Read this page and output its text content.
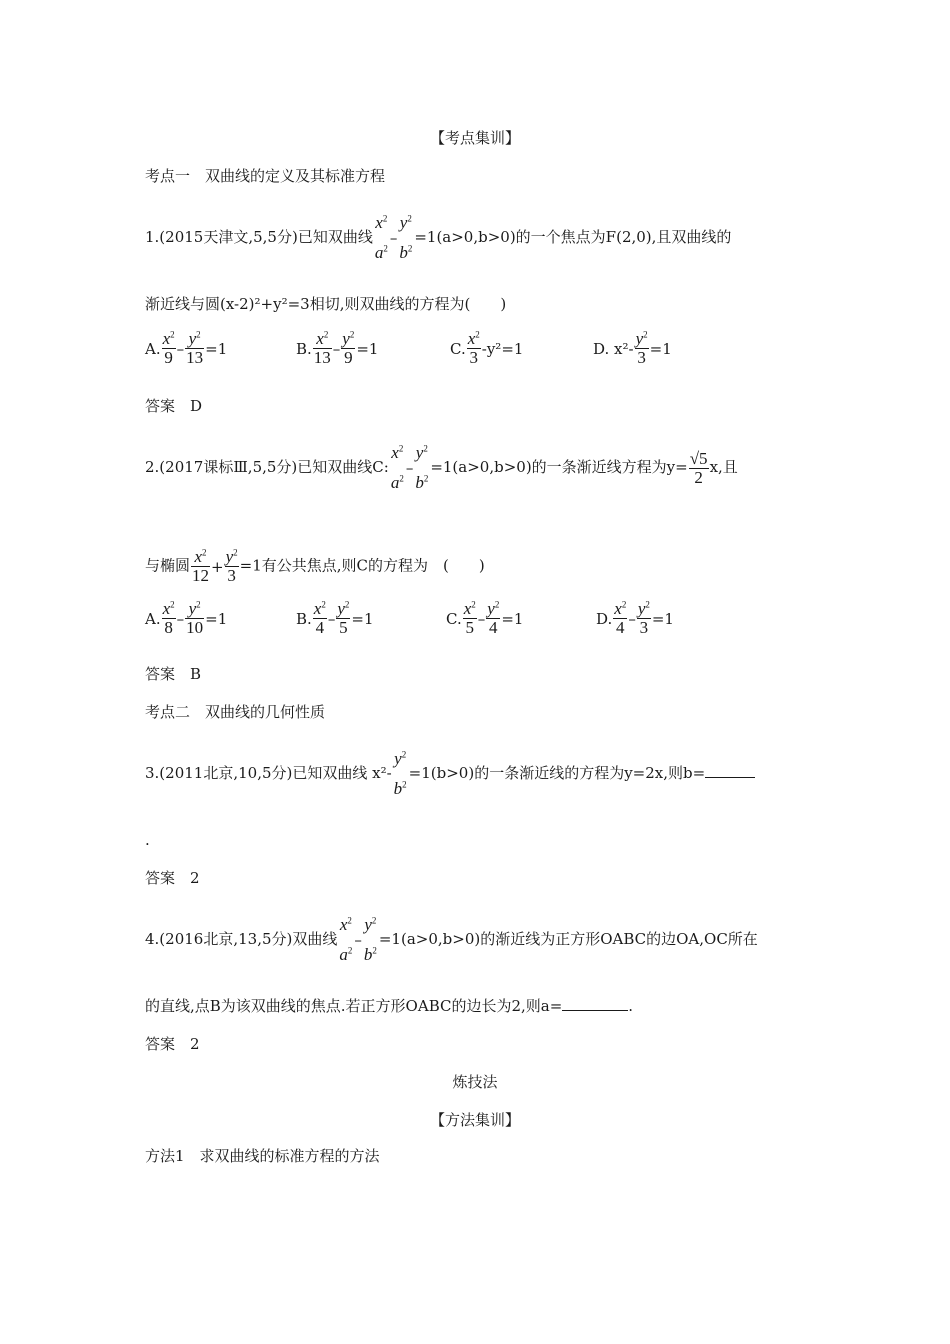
【考点集训】
考点一　双曲线的定义及其标准方程
1.(2015天津文,5,5分)已知双曲线
$x^2$
$a^2$
–
$y^2$
$b^2$
=1(a>0,b>0)的一个焦点为F(2,0),且双曲线的
渐近线与圆(x-2)²+y²=3相切,则双曲线的方程为(　　)
A. $\frac{x^2}{9} - \frac{y^2}{13} =1$	B. $\frac{x^2}{13} - \frac{y^2}{9} =1$	C. $\frac{x^2}{3} -y^2=1$	D. $x^2- \frac{y^2}{3} =1$
答案　D
2.(2017课标Ⅲ,5,5分)已知双曲线C:
$x^2$
$a^2$
–
$y^2$
$b^2$
=1(a>0,b>0)的一条渐近线方程为$y= \frac{√5}{2} x$,且
与椭圆 $\frac{x^2}{12} + \frac{y^2}{3} =1$有公共焦点,则C的方程为　(　　)
A. $\frac{x^2}{8} - \frac{y^2}{10} =1$	B. $\frac{x^2}{4} - \frac{y^2}{5} =1$	C. $\frac{x^2}{5} - \frac{y^2}{4} =1$	D. $\frac{x^2}{4} - \frac{y^2}{3} =1$
答案　B
考点二　双曲线的几何性质
3.(2011北京,10,5分)已知双曲线 x²-
$y^2$
$b^2$
=1(b>0)的一条渐近线的方程为y=2x,则b=
.
答案　2
4.(2016北京,13,5分)双曲线
$x^2$
$a^2$
–
$y^2$
$b^2$
=1(a>0,b>0)的渐近线为正方形OABC的边OA,OC所在
的直线,点B为该双曲线的焦点.若正方形OABC的边长为2,则a=	.
答案　2
炼技法
【方法集训】
方法1　求双曲线的标准方程的方法
